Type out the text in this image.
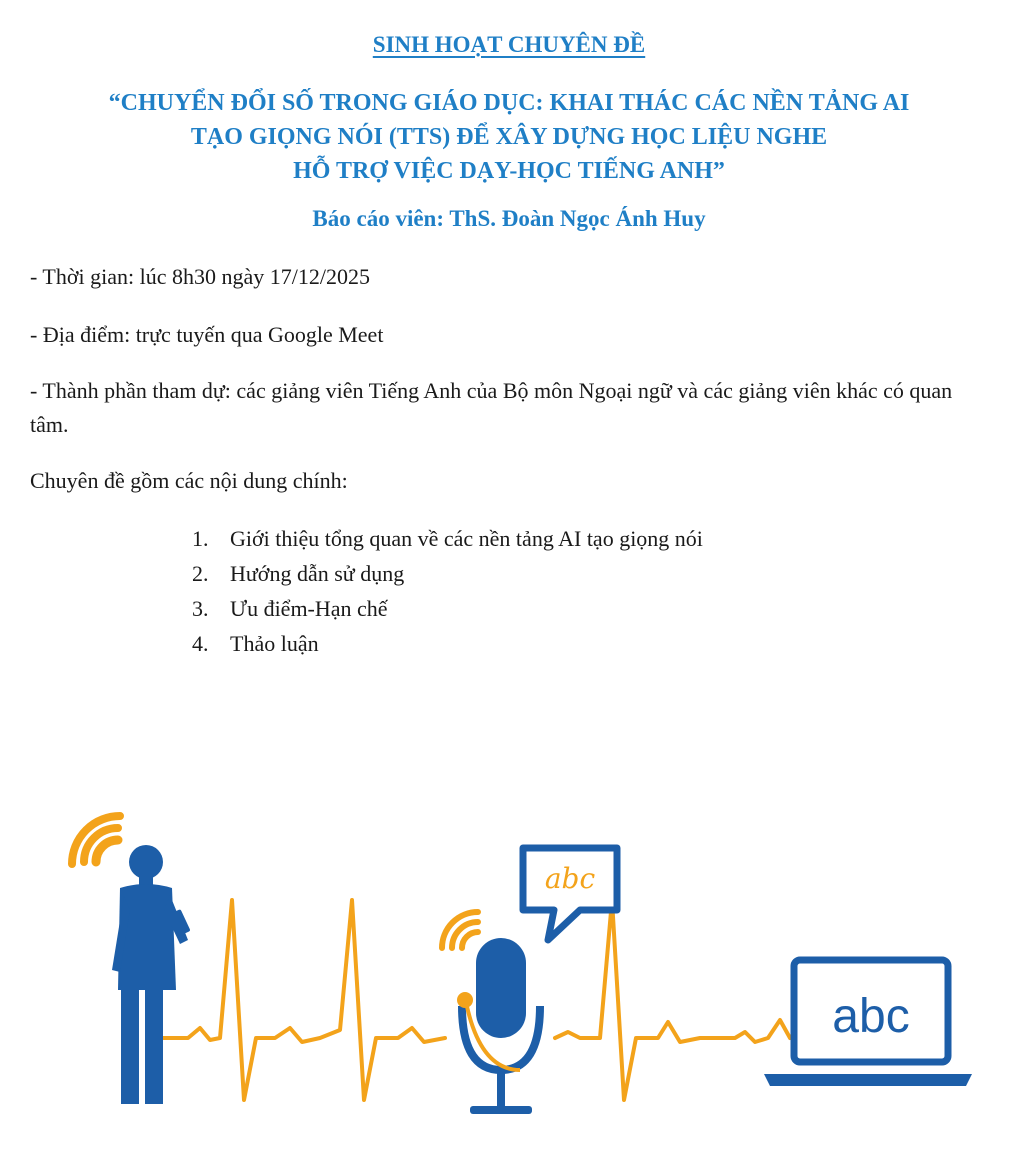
SINH HOẠT CHUYÊN ĐỀ
“CHUYỂN ĐỔI SỐ TRONG GIÁO DỤC: KHAI THÁC CÁC NỀN TẢNG AI
TẠO GIỌNG NÓI (TTS) ĐỂ XÂY DỰNG HỌC LIỆU NGHE
HỖ TRỢ VIỆC DẠY-HỌC TIẾNG ANH”
Báo cáo viên: ThS. Đoàn Ngọc Ánh Huy
- Thời gian: lúc 8h30 ngày 17/12/2025
- Địa điểm: trực tuyến qua Google Meet
- Thành phần tham dự: các giảng viên Tiếng Anh của Bộ môn Ngoại ngữ và các giảng viên khác có quan tâm.
Chuyên đề gồm các nội dung chính:
1. Giới thiệu tổng quan về các nền tảng AI tạo giọng nói
2. Hướng dẫn sử dụng
3. Ưu điểm-Hạn chế
4. Thảo luận
abc
abc
